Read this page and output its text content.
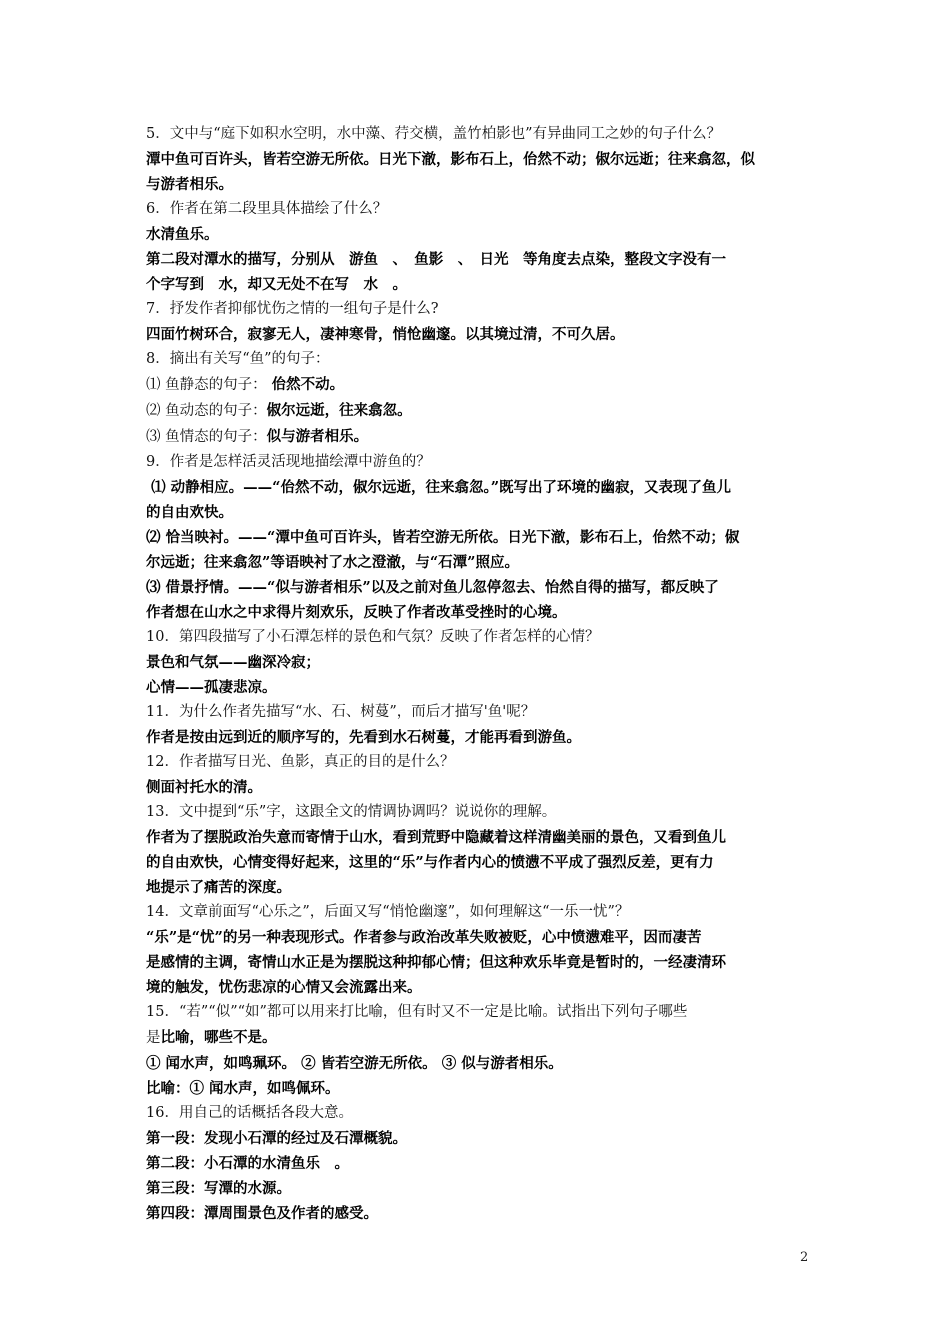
5．文中与“庭下如积水空明，水中藻、荇交横，盖竹柏影也”有异曲同工之妙的句子什么？
潭中鱼可百许头，皆若空游无所依。日光下澈，影布石上，佁然不动；俶尔远逝；往来翕忽，似
与游者相乐。
6．作者在第二段里具体描绘了什么？
水清鱼乐。
第二段对潭水的描写，分别从　游鱼　、　鱼影　、　日光　等角度去点染，整段文字没有一
个字写到　水，却又无处不在写　水　。
7．抒发作者抑郁忧伤之情的一组句子是什么?
四面竹树环合，寂寥无人，凄神寒骨，悄怆幽邃。以其境过清，不可久居。
8．摘出有关写“鱼”的句子：
⑴ 鱼静态的句子： 佁然不动。
⑵ 鱼动态的句子：俶尔远逝，往来翕忽。
⑶ 鱼情态的句子：似与游者相乐。
9．作者是怎样活灵活现地描绘潭中游鱼的？
⑴ 动静相应。——“佁然不动，俶尔远逝，往来翕忽。”既写出了环境的幽寂，又表现了鱼儿
的自由欢快。
⑵ 恰当映衬。——“潭中鱼可百许头，皆若空游无所依。日光下澈，影布石上，佁然不动；俶
尔远逝；往来翕忽”等语映衬了水之澄澈，与“石潭”照应。
⑶ 借景抒情。——“似与游者相乐”以及之前对鱼儿忽停忽去、怡然自得的描写，都反映了
作者想在山水之中求得片刻欢乐，反映了作者改革受挫时的心境。
10．第四段描写了小石潭怎样的景色和气氛？反映了作者怎样的心情？
景色和气氛——幽深冷寂；
心情——孤凄悲凉。
11．为什么作者先描写“水、石、树蔓”，而后才描写'鱼'呢？
作者是按由远到近的顺序写的，先看到水石树蔓，才能再看到游鱼。
12．作者描写日光、鱼影，真正的目的是什么？
侧面衬托水的清。
13．文中提到“乐”字，这跟全文的情调协调吗？说说你的理解。
作者为了摆脱政治失意而寄情于山水，看到荒野中隐藏着这样清幽美丽的景色，又看到鱼儿
的自由欢快，心情变得好起来，这里的“乐”与作者内心的愤懑不平成了强烈反差，更有力
地提示了痛苦的深度。
14．文章前面写“心乐之”，后面又写“悄怆幽邃”，如何理解这“一乐一忧”？
“乐”是“忧”的另一种表现形式。作者参与政治改革失败被贬，心中愤懑难平，因而凄苦
是感情的主调，寄情山水正是为摆脱这种抑郁心情；但这种欢乐毕竟是暂时的，一经凄清环
境的触发，忧伤悲凉的心情又会流露出来。
15．“若”“似”“如”都可以用来打比喻，但有时又不一定是比喻。试指出下列句子哪些
是比喻，哪些不是。
① 闻水声，如鸣珮环。 ② 皆若空游无所依。 ③ 似与游者相乐。
比喻：① 闻水声，如鸣佩环。
16．用自己的话概括各段大意。
第一段：发现小石潭的经过及石潭概貌。
第二段：小石潭的水清鱼乐　。
第三段：写潭的水源。
第四段：潭周围景色及作者的感受。
2
